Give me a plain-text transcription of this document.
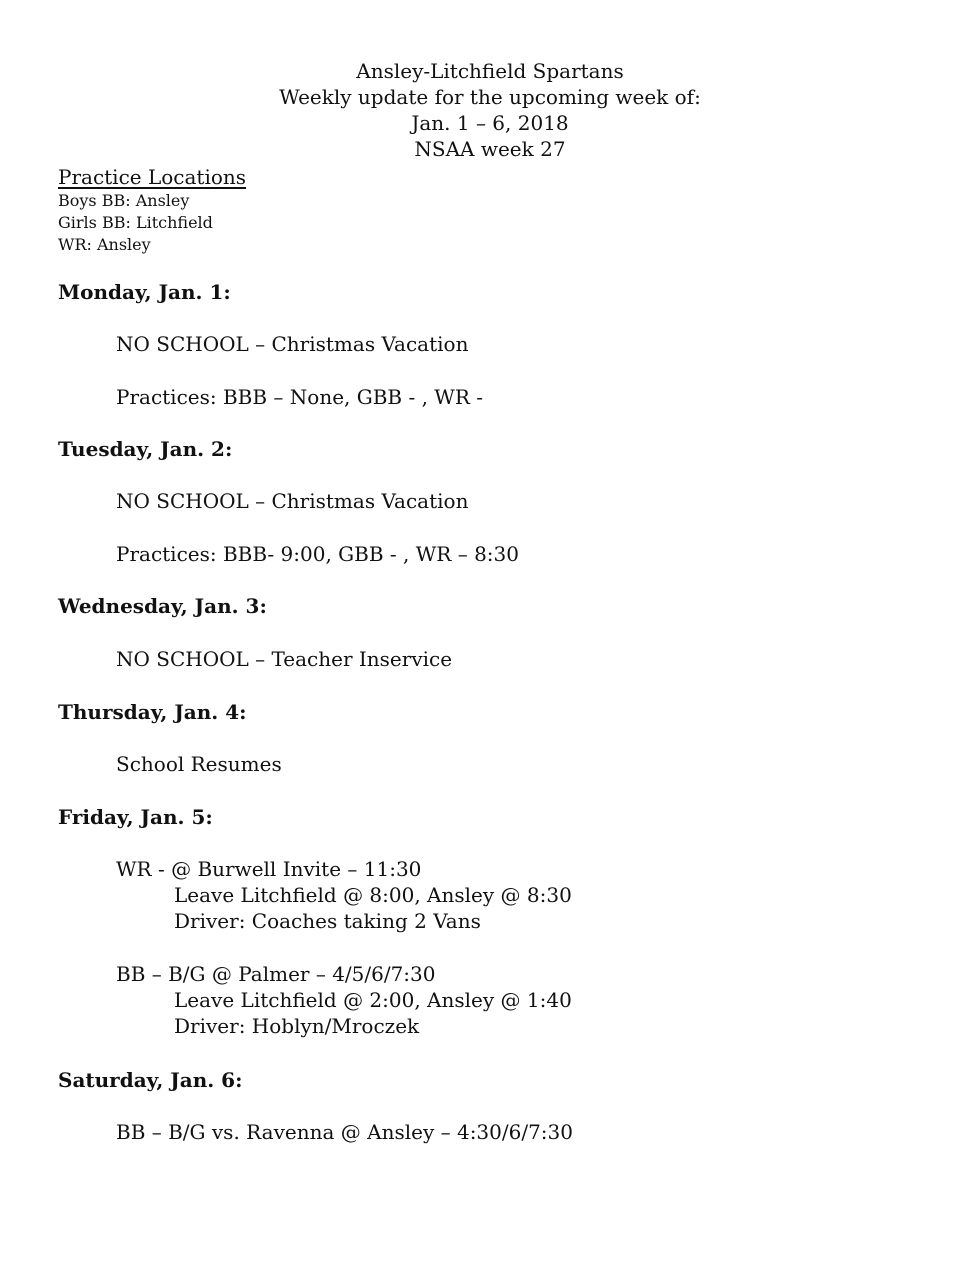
Ansley-Litchfield Spartans
Weekly update for the upcoming week of:
Jan. 1 – 6, 2018
NSAA week 27
Practice Locations
Boys BB: Ansley
Girls BB: Litchfield
WR: Ansley
Monday, Jan. 1:
NO SCHOOL – Christmas Vacation
Practices: BBB – None, GBB - , WR -
Tuesday, Jan. 2:
NO SCHOOL – Christmas Vacation
Practices: BBB- 9:00, GBB - , WR – 8:30
Wednesday, Jan. 3:
NO SCHOOL – Teacher Inservice
Thursday, Jan. 4:
School Resumes
Friday, Jan. 5:
WR - @ Burwell Invite – 11:30
Leave Litchfield @ 8:00, Ansley @ 8:30
Driver: Coaches taking 2 Vans
BB – B/G @ Palmer – 4/5/6/7:30
Leave Litchfield @ 2:00, Ansley @ 1:40
Driver: Hoblyn/Mroczek
Saturday, Jan. 6:
BB – B/G vs. Ravenna @ Ansley – 4:30/6/7:30
